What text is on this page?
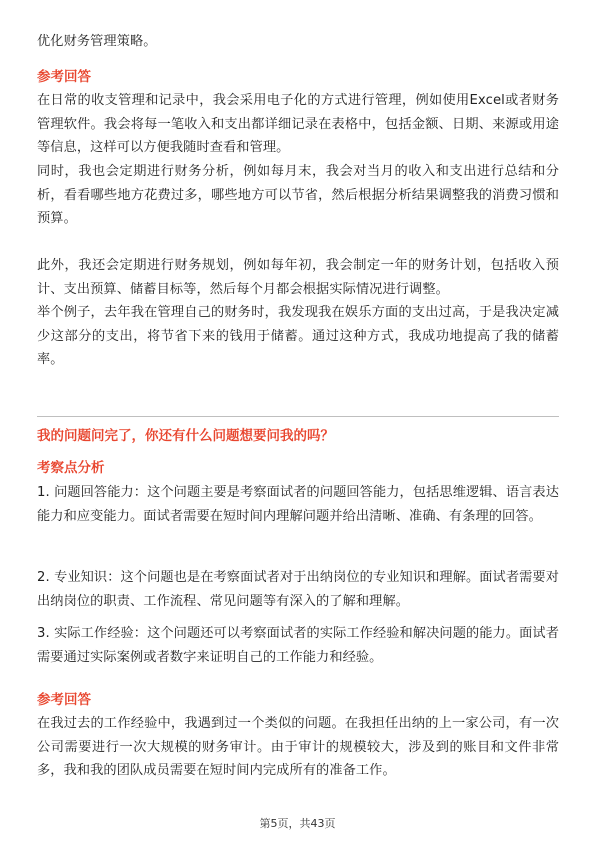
优化财务管理策略。

参考回答

在日常的收支管理和记录中，我会采用电子化的方式进行管理，例如使用Excel或者财务管理软件。我会将每一笔收入和支出都详细记录在表格中，包括金额、日期、来源或用途等信息，这样可以方便我随时查看和管理。

同时，我也会定期进行财务分析，例如每月末，我会对当月的收入和支出进行总结和分析，看看哪些地方花费过多，哪些地方可以节省，然后根据分析结果调整我的消费习惯和预算。

此外，我还会定期进行财务规划，例如每年初，我会制定一年的财务计划，包括收入预计、支出预算、储蓄目标等，然后每个月都会根据实际情况进行调整。

举个例子，去年我在管理自己的财务时，我发现我在娱乐方面的支出过高，于是我决定减少这部分的支出，将节省下来的钱用于储蓄。通过这种方式，我成功地提高了我的储蓄率。

我的问题问完了，你还有什么问题想要问我的吗？

考察点分析

1. 问题回答能力：这个问题主要是考察面试者的问题回答能力，包括思维逻辑、语言表达能力和应变能力。面试者需要在短时间内理解问题并给出清晰、准确、有条理的回答。

2. 专业知识：这个问题也是在考察面试者对于出纳岗位的专业知识和理解。面试者需要对出纳岗位的职责、工作流程、常见问题等有深入的了解和理解。

3. 实际工作经验：这个问题还可以考察面试者的实际工作经验和解决问题的能力。面试者需要通过实际案例或者数字来证明自己的工作能力和经验。

参考回答

在我过去的工作经验中，我遇到过一个类似的问题。在我担任出纳的上一家公司，有一次公司需要进行一次大规模的财务审计。由于审计的规模较大，涉及到的账目和文件非常多，我和我的团队成员需要在短时间内完成所有的准备工作。

第5页，共43页
